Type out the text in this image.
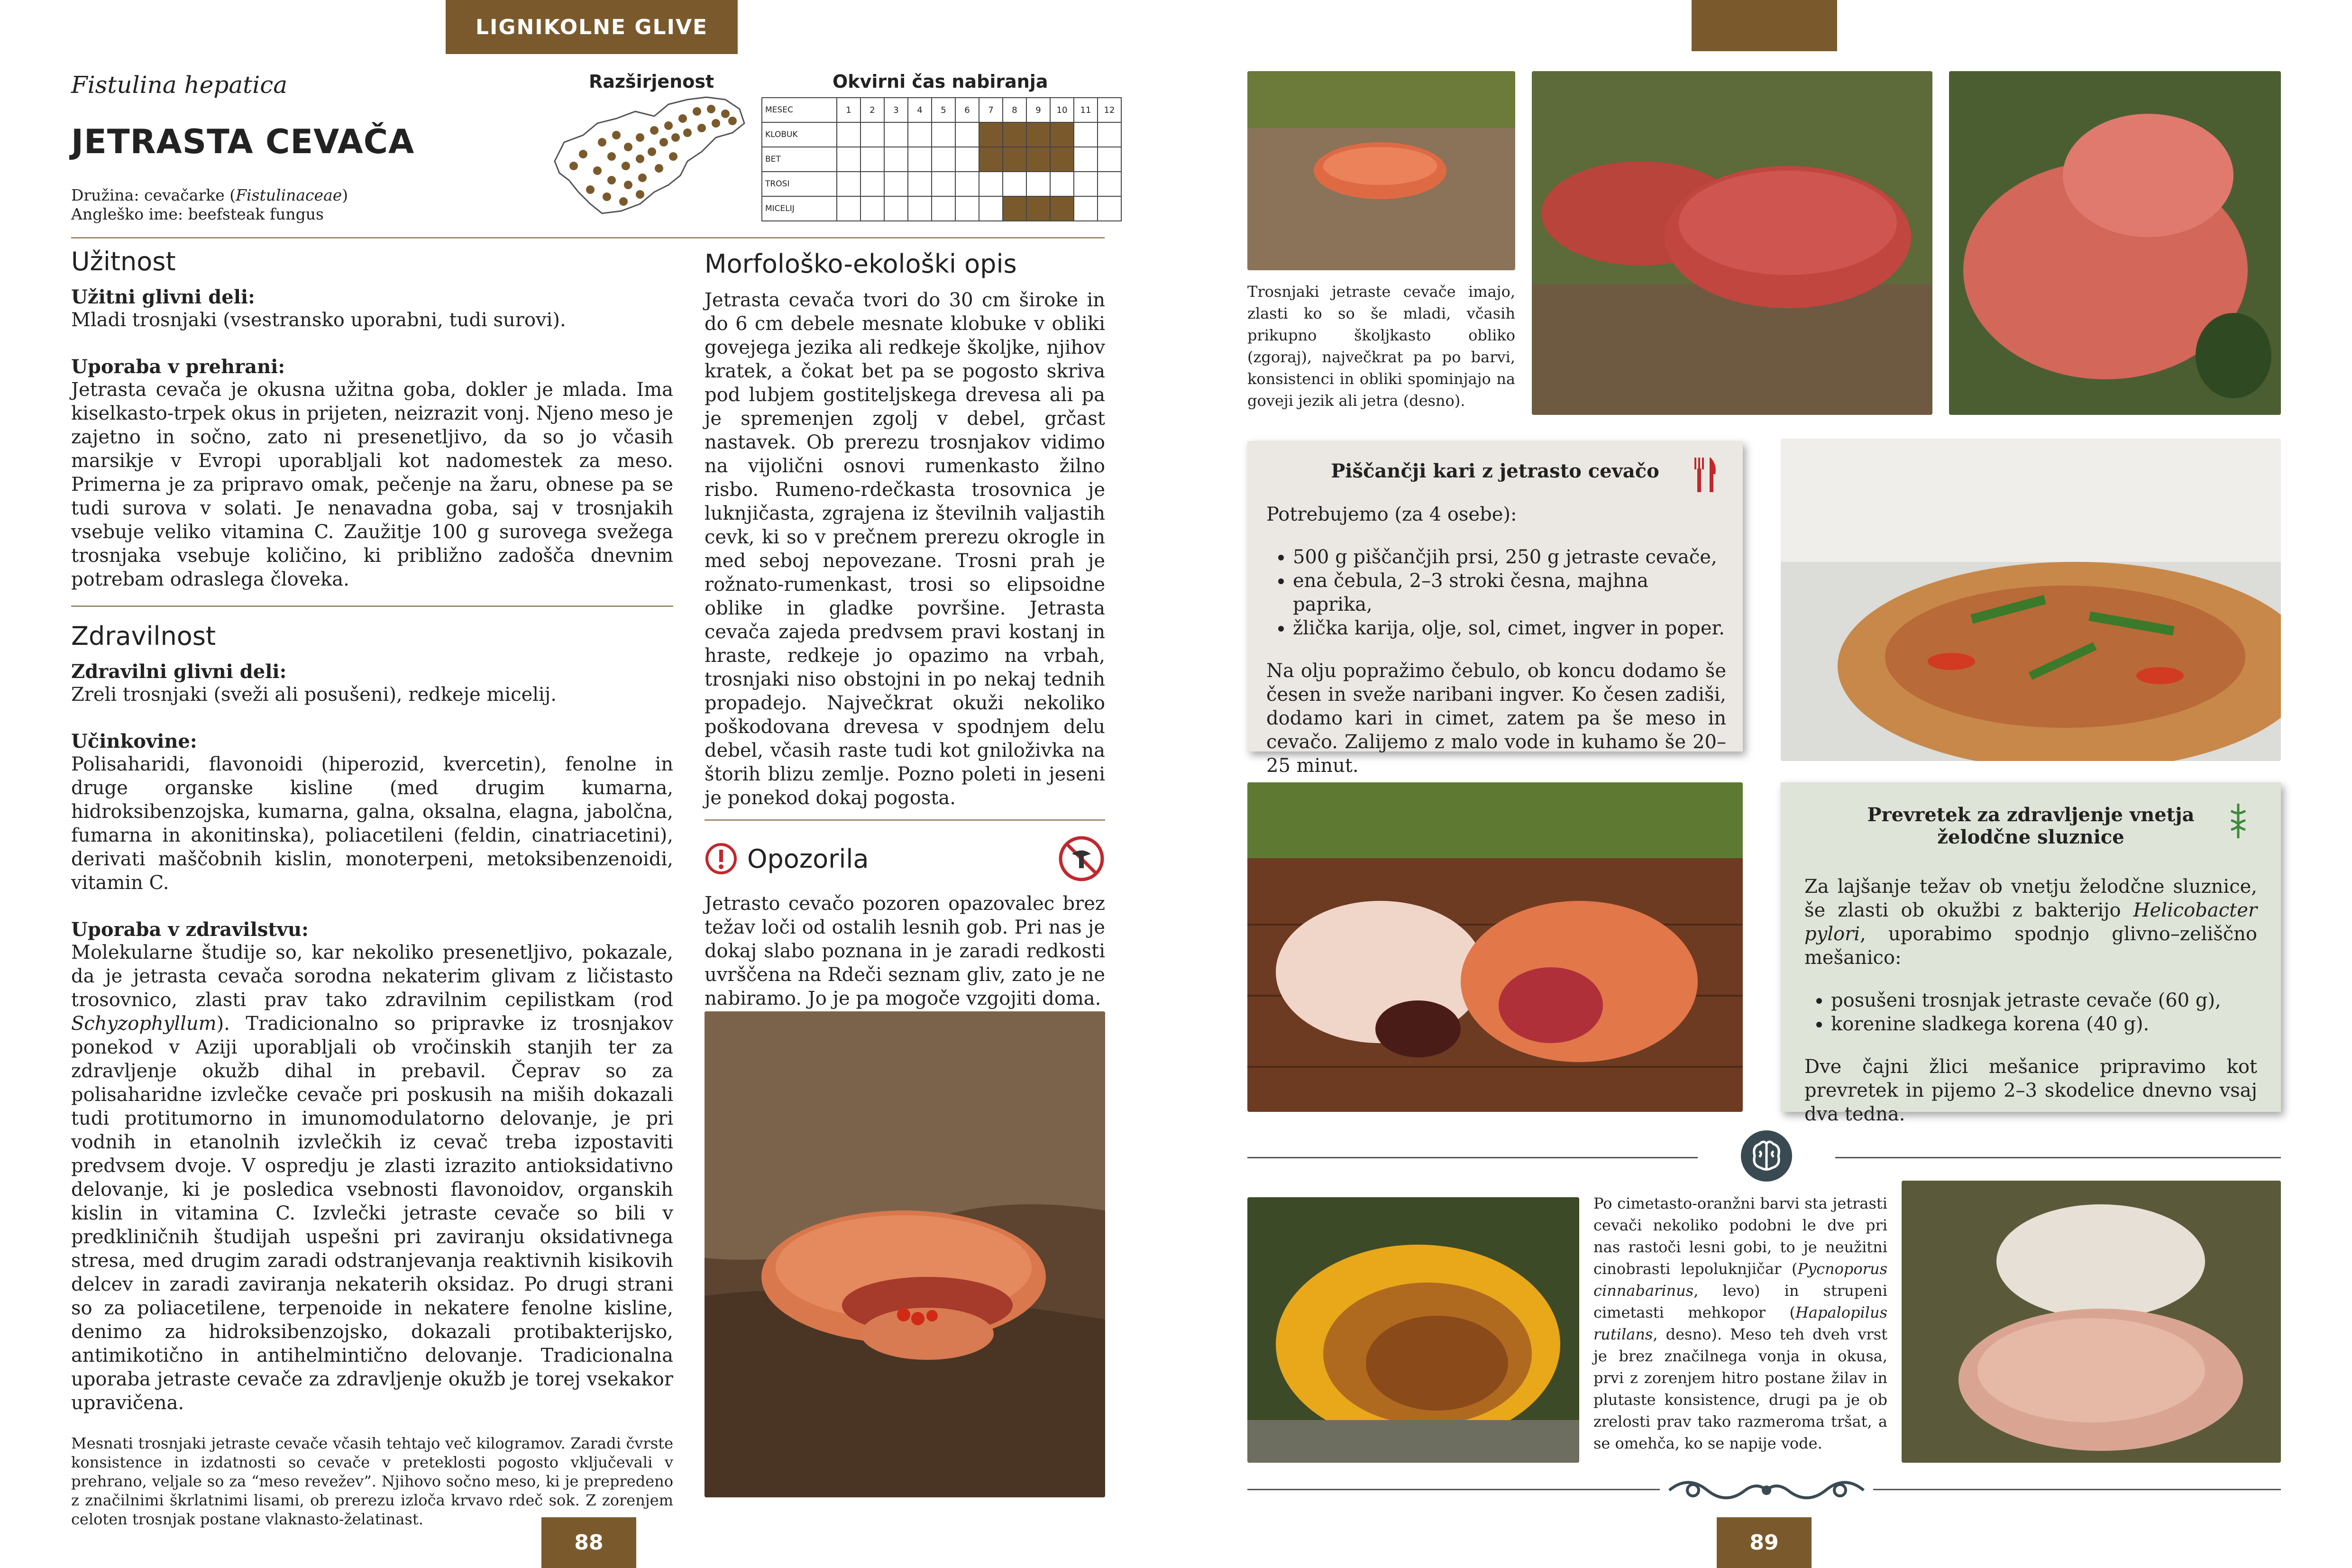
LIGNIKOLNE GLIVE
Fistulina hepatica
JETRASTA CEVAČA
Družina: cevačarke (Fistulinaceae)
Angleško ime: beefsteak fungus
Razširjenost	Okvirni čas nabiranja
MESEC	1	2	3	4	5	6	7	8	9	10	11	12
KLOBUK												
BET												
TROSI												
MICELIJ												
Užitnost
Užitni glivni deli:
Mladi trosnjaki (vsestransko uporabni, tudi surovi).
Uporaba v prehrani:
Jetrasta cevača je okusna užitna goba, dokler je mlada. Ima kiselkasto-trpek okus in prijeten, neizrazit vonj. Njeno meso je zajetno in sočno, zato ni presenetljivo, da so jo včasih marsikje v Evropi uporabljali kot nadomestek za meso. Primerna je za pripravo omak, pečenje na žaru, obnese pa se tudi surova v solati. Je nenavadna goba, saj v trosnjakih vsebuje veliko vitamina C. Zaužitje 100 g surovega svežega trosnjaka vsebuje količino, ki približno zadošča dnevnim potrebam odraslega človeka.
Zdravilnost
Zdravilni glivni deli:
Zreli trosnjaki (sveži ali posušeni), redkeje micelij.
Učinkovine:
Polisaharidi, flavonoidi (hiperozid, kvercetin), fenolne in druge organske kisline (med drugim kumarna, hidroksibenzojska, kumarna, galna, oksalna, elagna, jabolčna, fumarna in akonitinska), poliacetileni (feldin, cinatriacetini), derivati maščobnih kislin, monoterpeni, metoksibenzenoidi, vitamin C.
Uporaba v zdravilstvu:
Molekularne študije so, kar nekoliko presenetljivo, pokazale, da je jetrasta cevača sorodna nekaterim glivam z ličistasto trosovnico, zlasti prav tako zdravilnim cepilistkam (rod Schyzophyllum). Tradicionalno so pripravke iz trosnjakov ponekod v Aziji uporabljali ob vročinskih stanjih ter za zdravljenje okužb dihal in prebavil. Čeprav so za polisaharidne izvlečke cevače pri poskusih na miših dokazali tudi protitumorno in imunomodulatorno delovanje, je pri vodnih in etanolnih izvlečkih iz cevač treba izpostaviti predvsem dvoje. V ospredju je zlasti izrazito antioksidativno delovanje, ki je posledica vsebnosti flavonoidov, organskih kislin in vitamina C. Izvlečki jetraste cevače so bili v predkliničnih študijah uspešni pri zaviranju oksidativnega stresa, med drugim zaradi odstranjevanja reaktivnih kisikovih delcev in zaradi zaviranja nekaterih oksidaz. Po drugi strani so za poliacetilene, terpenoide in nekatere fenolne kisline, denimo za hidroksibenzojsko, dokazali protibakterijsko, antimikotično in antihelmintično delovanje. Tradicionalna uporaba jetraste cevače za zdravljenje okužb je torej vsekakor upravičena.
Mesnati trosnjaki jetraste cevače včasih tehtajo več kilogramov. Zaradi čvrste konsistence in izdatnosti so cevače v preteklosti pogosto vključevali v prehrano, veljale so za “meso revežev”. Njihovo sočno meso, ki je prepredeno z značilnimi škrlatnimi lisami, ob prerezu izloča krvavo rdeč sok. Z zorenjem celoten trosnjak postane vlaknasto-želatinast.
Morfološko-ekološki opis
Jetrasta cevača tvori do 30 cm široke in do 6 cm debele mesnate klobuke v obliki govejega jezika ali redkeje školjke, njihov kratek, a čokat bet pa se pogosto skriva pod lubjem gostiteljskega drevesa ali pa je spremenjen zgolj v debel, grčast nastavek. Ob prerezu trosnjakov vidimo na vijolični osnovi rumenkasto žilno risbo. Rumeno-rdečkasta trosovnica je luknjičasta, zgrajena iz številnih valjastih cevk, ki so v prečnem prerezu okrogle in med seboj nepovezane. Trosni prah je rožnato-rumenkast, trosi so elipsoidne oblike in gladke površine. Jetrasta cevača zajeda predvsem pravi kostanj in hraste, redkeje jo opazimo na vrbah, trosnjaki niso obstojni in po nekaj tednih propadejo. Največkrat okuži nekoliko poškodovana drevesa v spodnjem delu debel, včasih raste tudi kot gniloživka na štorih blizu zemlje. Pozno poleti in jeseni je ponekod dokaj pogosta.
Opozorila
Jetrasto cevačo pozoren opazovalec brez težav loči od ostalih lesnih gob. Pri nas je dokaj slabo poznana in je zaradi redkosti uvrščena na Rdeči seznam gliv, zato je ne nabiramo. Jo je pa mogoče vzgojiti doma.
88
Trosnjaki jetraste cevače imajo, zlasti ko so še mladi, včasih prikupno školjkasto obliko (zgoraj), največkrat pa po barvi, konsistenci in obliki spominjajo na goveji jezik ali jetra (desno).
Piščančji kari z jetrasto cevačo
Potrebujemo (za 4 osebe):
• 500 g piščančjih prsi, 250 g jetraste cevače,
• ena čebula, 2–3 stroki česna, majhna paprika,
• žlička karija, olje, sol, cimet, ingver in poper.
Na olju popražimo čebulo, ob koncu dodamo še česen in sveže naribani ingver. Ko česen zadiši, dodamo kari in cimet, zatem pa še meso in cevačo. Zalijemo z malo vode in kuhamo še 20–25 minut.
Prevretek za zdravljenje vnetja
želodčne sluznice
Za lajšanje težav ob vnetju želodčne sluznice, še zlasti ob okužbi z bakterijo Helicobacter pylori, uporabimo spodnjo glivno–zeliščno mešanico:
• posušeni trosnjak jetraste cevače (60 g),
• korenine sladkega korena (40 g).
Dve čajni žlici mešanice pripravimo kot prevretek in pijemo 2–3 skodelice dnevno vsaj dva tedna.
Po cimetasto-oranžni barvi sta jetrasti cevači nekoliko podobni le dve pri nas rastoči lesni gobi, to je neužitni cinobrasti lepoluknjičar (Pycnoporus cinnabarinus, levo) in strupeni cimetasti mehkopor (Hapalopilus rutilans, desno). Meso teh dveh vrst je brez značilnega vonja in okusa, prvi z zorenjem hitro postane žilav in plutaste konsistence, drugi pa je ob zrelosti prav tako razmeroma tršat, a se omehča, ko se napije vode.
89
